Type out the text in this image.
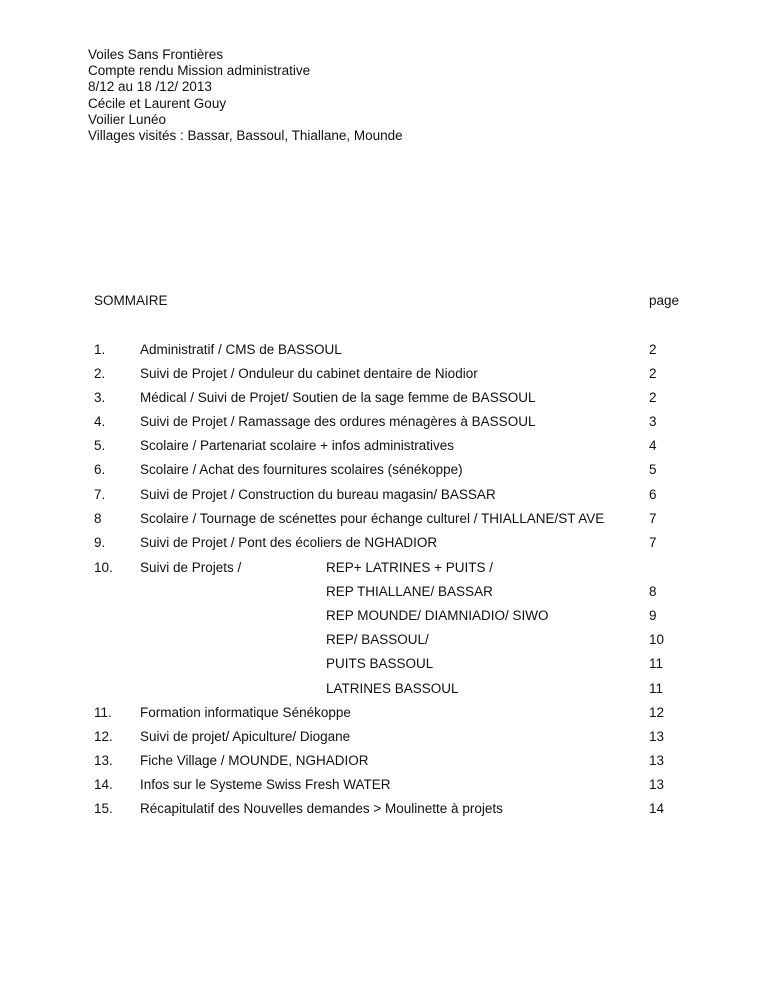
Voiles Sans Frontières
Compte rendu Mission administrative
8/12 au 18 /12/ 2013
Cécile et Laurent Gouy
Voilier Lunéo
Villages visités : Bassar, Bassoul, Thiallane, Mounde
SOMMAIRE	page
1.	Administratif / CMS de BASSOUL	2
2.	Suivi de Projet / Onduleur du cabinet dentaire de Niodior	2
3.	Médical / Suivi de Projet/ Soutien de la sage femme de BASSOUL	2
4.	Suivi de Projet / Ramassage des ordures ménagères à BASSOUL	3
5.	Scolaire / Partenariat scolaire + infos administratives	4
6.	Scolaire / Achat des fournitures scolaires (sénékoppe)	5
7.	Suivi de Projet / Construction du bureau magasin/ BASSAR	6
8	Scolaire / Tournage de scénettes pour échange culturel / THIALLANE/ST AVE	7
9.	Suivi de Projet / Pont des écoliers de NGHADIOR	7
10. Suivi de Projets /	REP+ LATRINES + PUITS /
REP THIALLANE/ BASSAR	8
REP MOUNDE/ DIAMNIADIO/ SIWO	9
REP/ BASSOUL/	10
PUITS BASSOUL	11
LATRINES BASSOUL	11
11. Formation informatique Sénékoppe	12
12. Suivi de projet/ Apiculture/ Diogane	13
13. Fiche Village / MOUNDE, NGHADIOR	13
14. Infos sur le Systeme Swiss Fresh WATER	13
15. Récapitulatif des Nouvelles demandes > Moulinette à projets	14
